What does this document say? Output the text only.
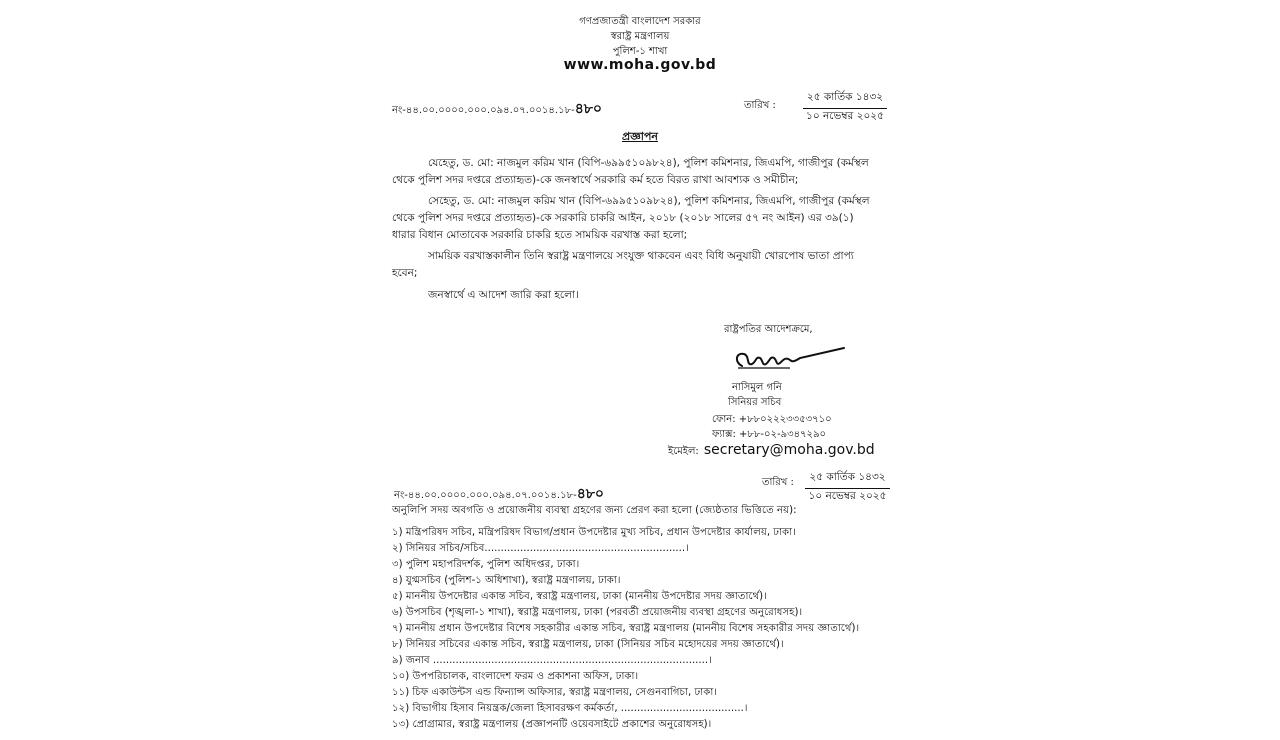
গণপ্রজাতন্ত্রী বাংলাদেশ সরকার
স্বরাষ্ট্র মন্ত্রণালয়
পুলিশ-১ শাখা
www.moha.gov.bd
নং-৪৪.০০.০০০০.০০০.০৯৪.০৭.০০১৪.১৮-৪৮০	তারিখ :
২৫ কার্তিক ১৪৩২
১০ নভেম্বর ২০২৫
প্রজ্ঞাপন
যেহেতু, ড. মো: নাজমুল করিম খান (বিপি-৬৯৯৫১০৯৮২৪), পুলিশ কমিশনার, জিএমপি, গাজীপুর (কর্মস্থল
থেকে পুলিশ সদর দপ্তরে প্রত্যাহৃত)-কে জনস্বার্থে সরকারি কর্ম হতে বিরত রাখা আবশ্যক ও সমীচীন;
সেহেতু, ড. মো: নাজমুল করিম খান (বিপি-৬৯৯৫১০৯৮২৪), পুলিশ কমিশনার, জিএমপি, গাজীপুর (কর্মস্থল
থেকে পুলিশ সদর দপ্তরে প্রত্যাহৃত)-কে সরকারি চাকরি আইন, ২০১৮ (২০১৮ সালের ৫৭ নং আইন) এর ৩৯(১)
ধারার বিধান মোতাবেক সরকারি চাকরি হতে সাময়িক বরখাস্ত করা হলো;
সাময়িক বরখাস্তকালীন তিনি স্বরাষ্ট্র মন্ত্রণালয়ে সংযুক্ত থাকবেন এবং বিধি অনুযায়ী খোরপোষ ভাতা প্রাপ্য
হবেন;
জনস্বার্থে এ আদেশ জারি করা হলো।
রাষ্ট্রপতির আদেশক্রমে,
নাসিমুল গনি
সিনিয়র সচিব
ফোন: +৮৮০২২২৩৩৫৩৭১০
ফ্যাক্স: +৮৮-০২-৯৩৪৭২৯০
ইমেইল: secretary@moha.gov.bd
নং-৪৪.০০.০০০০.০০০.০৯৪.০৭.০০১৪.১৮-৪৮০
তারিখ :	২৫ কার্তিক ১৪৩২
১০ নভেম্বর ২০২৫
অনুলিপি সদয় অবগতি ও প্রয়োজনীয় ব্যবস্থা গ্রহণের জন্য প্রেরণ করা হলো (জ্যেষ্ঠতার ভিত্তিতে নয়):
১) মন্ত্রিপরিষদ সচিব, মন্ত্রিপরিষদ বিভাগ/প্রধান উপদেষ্টার মুখ্য সচিব, প্রধান উপদেষ্টার কার্যালয়, ঢাকা।
২) সিনিয়র সচিব/সচিব..............................................................।
৩) পুলিশ মহাপরিদর্শক, পুলিশ অধিদপ্তর, ঢাকা।
৪) যুগ্মসচিব (পুলিশ-১ অধিশাখা), স্বরাষ্ট্র মন্ত্রণালয়, ঢাকা।
৫) মাননীয় উপদেষ্টার একান্ত সচিব, স্বরাষ্ট্র মন্ত্রণালয়, ঢাকা (মাননীয় উপদেষ্টার সদয় জ্ঞাতার্থে)।
৬) উপসচিব (শৃঙ্খলা-১ শাখা), স্বরাষ্ট্র মন্ত্রণালয়, ঢাকা (পরবর্তী প্রয়োজনীয় ব্যবস্থা গ্রহণের অনুরোধসহ)।
৭) মাননীয় প্রধান উপদেষ্টার বিশেষ সহকারীর একান্ত সচিব, স্বরাষ্ট্র মন্ত্রণালয় (মাননীয় বিশেষ সহকারীর সদয় জ্ঞাতার্থে)।
৮) সিনিয়র সচিবের একান্ত সচিব, স্বরাষ্ট্র মন্ত্রণালয়, ঢাকা (সিনিয়র সচিব মহোদয়ের সদয় জ্ঞাতার্থে)।
৯) জনাব .....................................................................................।
১০) উপপরিচালক, বাংলাদেশ ফরম ও প্রকাশনা অফিস, ঢাকা।
১১) চিফ একাউন্টস এন্ড ফিন্যান্স অফিসার, স্বরাষ্ট্র মন্ত্রণালয়, সেগুনবাগিচা, ঢাকা।
১২) বিভাগীয় হিসাব নিয়ন্ত্রক/জেলা হিসাবরক্ষণ কর্মকর্তা, ......................................।
১৩) প্রোগ্রামার, স্বরাষ্ট্র মন্ত্রণালয় (প্রজ্ঞাপনটি ওয়েবসাইটে প্রকাশের অনুরোধসহ)।
